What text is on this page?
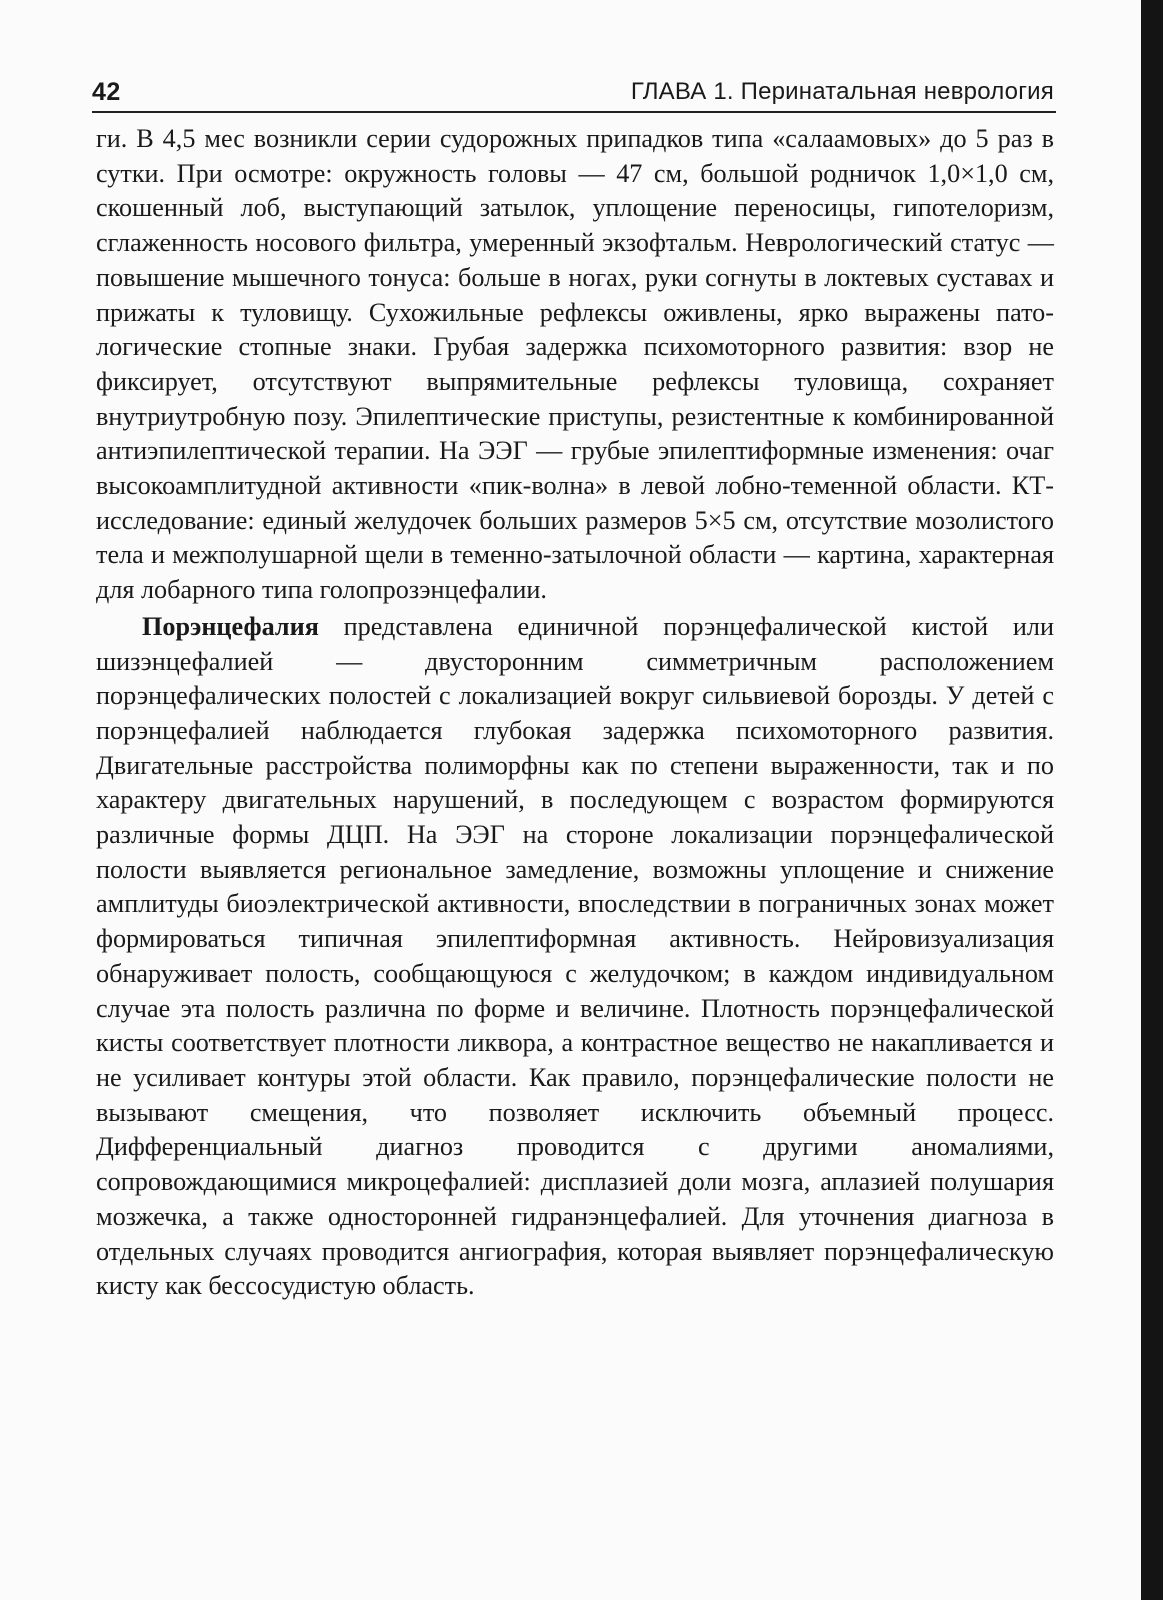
42	ГЛАВА 1. Перинатальная неврология

ги. В 4,5 мес возникли серии судорожных припадков типа «салаамовых» до 5 раз в сутки. При осмотре: окружность головы — 47 см, большой родничок 1,0×1,0 см, скошенный лоб, выступающий затылок, уплощение переносицы, гипотелоризм, сглаженность носового фильтра, умеренный экзофтальм. Неврологический статус — повышение мышечного тонуса: больше в ногах, руки согнуты в локтевых суставах и прижаты к туловищу. Сухожильные рефлексы оживлены, ярко выражены патологические стопные знаки. Грубая задержка психомоторного развития: взор не фиксирует, отсутствуют выпрямительные рефлексы туловища, сохраняет внутриутробную позу. Эпилептические приступы, резистентные к комбинированной антиэпилептической терапии. На ЭЭГ — грубые эпилептиформные изменения: очаг высокоамплитудной активности «пик-волна» в левой лобно-теменной области. КТ-исследование: единый желудочек больших размеров 5×5 см, отсутствие мозолистого тела и межполушарной щели в теменно-затылочной области — картина, характерная для лобарного типа голопрозэнцефалии.

Порэнцефалия представлена единичной порэнцефалической кистой или шизэнцефалией — двусторонним симметричным расположением порэнцефалических полостей с локализацией вокруг сильвиевой борозды. У детей с порэнцефалией наблюдается глубокая задержка психомоторного развития. Двигательные расстройства полиморфны как по степени выраженности, так и по характеру двигательных нарушений, в последующем с возрастом формируются различные формы ДЦП. На ЭЭГ на стороне локализации порэнцефалической полости выявляется региональное замедление, возможны уплощение и снижение амплитуды биоэлектрической активности, впоследствии в пограничных зонах может формироваться типичная эпилептиформная активность. Нейровизуализация обнаруживает полость, сообщающуюся с желудочком; в каждом индивидуальном случае эта полость различна по форме и величине. Плотность порэнцефалической кисты соответствует плотности ликвора, а контрастное вещество не накапливается и не усиливает контуры этой области. Как правило, порэнцефалические полости не вызывают смещения, что позволяет исключить объемный процесс. Дифференциальный диагноз проводится с другими аномалиями, сопровождающимися микроцефалией: дисплазией доли мозга, аплазией полушария мозжечка, а также односторонней гидранэнцефалией. Для уточнения диагноза в отдельных случаях проводится ангиография, которая выявляет порэнцефалическую кисту как бессосудистую область.
